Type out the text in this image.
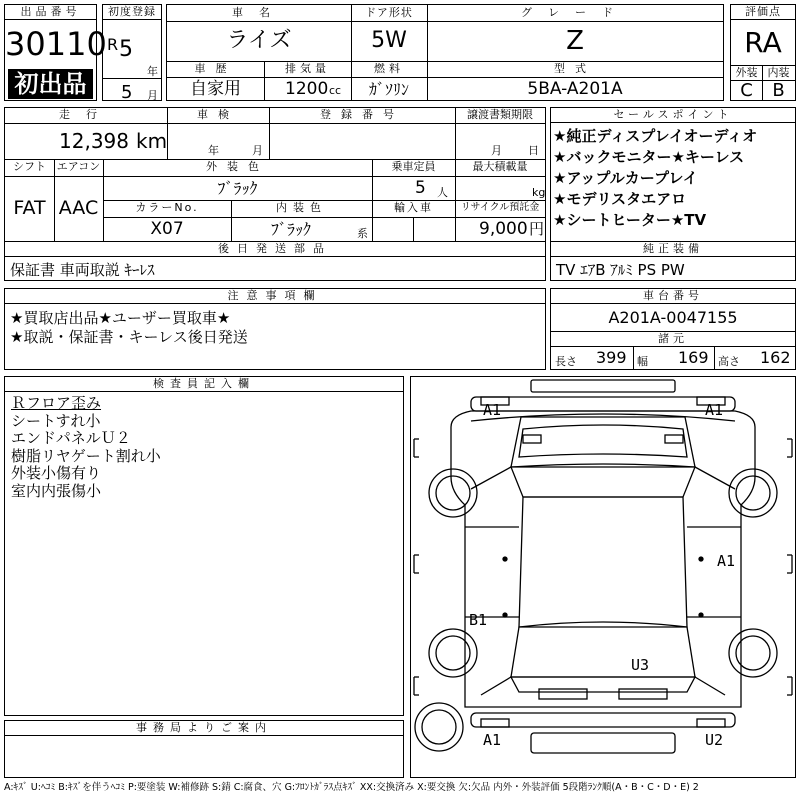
出品番号
30110
初出品
初度登録
R 5
年
5 月
車名
ライズ
ドア形状
5W
グレード
Z
車歴
自家用
排気量
1200 cc
燃料
ｶﾞｿﾘﾝ
型式
5BA-A201A
評価点
RA
外装 内装
C	B
走行
12,398 km
車検
年	月
登録番号	譲渡書類期限
月 日
シフト
FAT
エアコン
AAC
外装色
ﾌﾞﾗｯｸ
乗車定員
5 人
最大積載量
kg
カラーNo.
X07
内装色
ﾌﾞﾗｯｸ	系
輸入車	リサイクル預託金
9,000 円
後日発送部品
保証書 車両取説 ｷｰﾚｽ
セールスポイント
★純正ディスプレイオーディオ
★バックモニター★キーレス
★アップルカープレイ
★モデリスタエアロ
★シートヒーター★TV
純正装備
TV ｴｱB ｱﾙﾐ PS PW
注意事項欄
★買取店出品★ユーザー買取車★
★取説・保証書・キーレス後日発送
車台番号
A201A-0047155
諸元
長さ 399 幅 169 高さ 162
検査員記入欄
Ｒフロア歪み
シートすれ小
エンドパネルＵ２
樹脂リヤゲート割れ小
外装小傷有り
室内内張傷小
事務局よりご案内
A1	A1
A1
B1
U3
A1	U2
A:ｷｽﾞ U:ﾍｺﾐ B:ｷｽﾞを伴うﾍｺﾐ P:要塗装 W:補修跡 S:錆 C:腐食、穴 G:ﾌﾛﾝﾄｶﾞﾗｽ点ｷｽﾞ XX:交換済み X:要交換 欠:欠品 内外・外装評価 5段階ﾗﾝｸ順(A・B・C・D・E) 2
